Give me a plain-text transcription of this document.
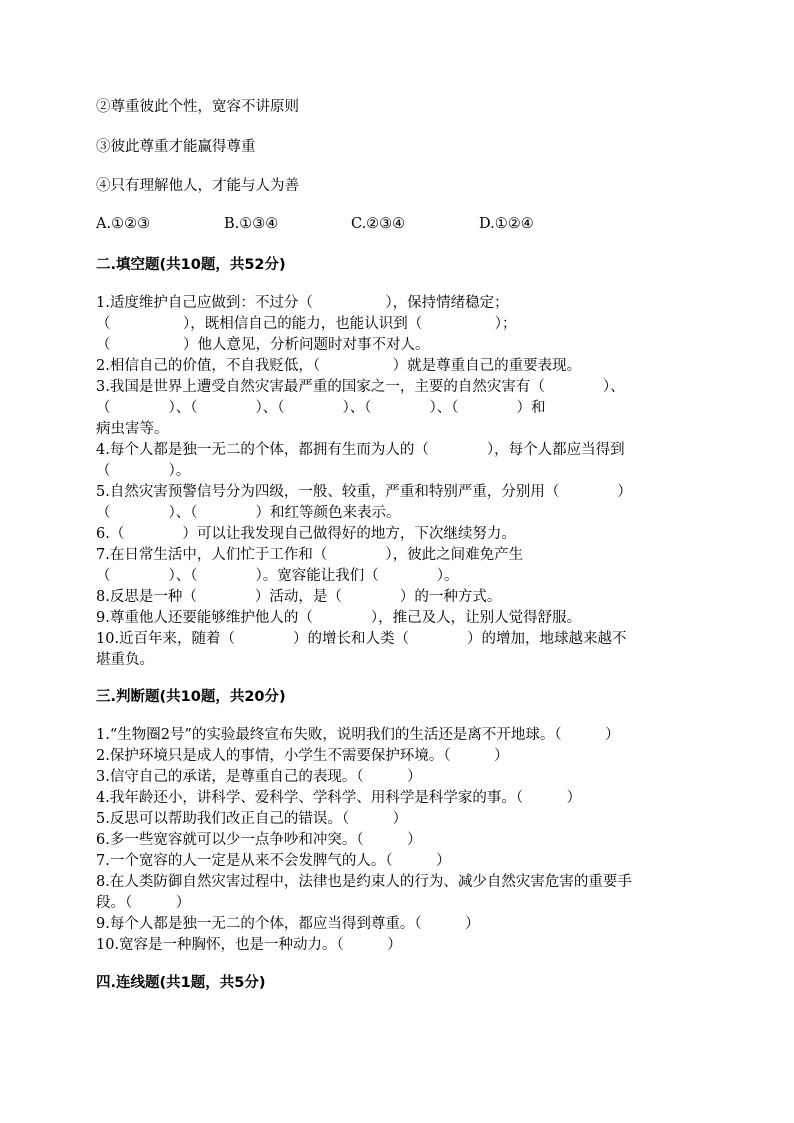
②尊重彼此个性，宽容不讲原则
③彼此尊重才能赢得尊重
④只有理解他人，才能与人为善
A.①②③	B.①③④	C.②③④	D.①②④
二.填空题(共10题，共52分)
1.适度维护自己应做到：不过分（　　　　　），保持情绪稳定；
（　　　　　），既相信自己的能力，也能认识到（　　　　　）；
（　　　　　）他人意见，分析问题时对事不对人。
2.相信自己的价值，不自我贬低，（　　　　　）就是尊重自己的重要表现。
3.我国是世界上遭受自然灾害最严重的国家之一，主要的自然灾害有（　　　　）、
（　　　　）、（　　　　）、（　　　　）、（　　　　）、（　　　　）和
病虫害等。
4.每个人都是独一无二的个体，都拥有生而为人的（　　　　），每个人都应当得到
（　　　　）。
5.自然灾害预警信号分为四级，一般、较重，严重和特别严重，分别用（　　　　）
（　　　　）、（　　　　）和红等颜色来表示。
6.（　　　　）可以让我发现自己做得好的地方，下次继续努力。
7.在日常生活中，人们忙于工作和（　　　　），彼此之间难免产生
（　　　　）、（　　　　）。宽容能让我们（　　　　）。
8.反思是一种（　　　　）活动，是（　　　　）的一种方式。
9.尊重他人还要能够维护他人的（　　　　），推己及人，让别人觉得舒服。
10.近百年来，随着（　　　　）的增长和人类（　　　　）的增加，地球越来越不
堪重负。
三.判断题(共10题，共20分)
1.“生物圈2号”的实验最终宣布失败，说明我们的生活还是离不开地球。（　　　）
2.保护环境只是成人的事情，小学生不需要保护环境。（　　　）
3.信守自己的承诺，是尊重自己的表现。（　　　）
4.我年龄还小，讲科学、爱科学、学科学、用科学是科学家的事。（　　　）
5.反思可以帮助我们改正自己的错误。（　　　）
6.多一些宽容就可以少一点争吵和冲突。（　　　）
7.一个宽容的人一定是从来不会发脾气的人。（　　　）
8.在人类防御自然灾害过程中，法律也是约束人的行为、减少自然灾害危害的重要手
段。（　　　）
9.每个人都是独一无二的个体，都应当得到尊重。（　　　）
10.宽容是一种胸怀，也是一种动力。（　　　）
四.连线题(共1题，共5分)
